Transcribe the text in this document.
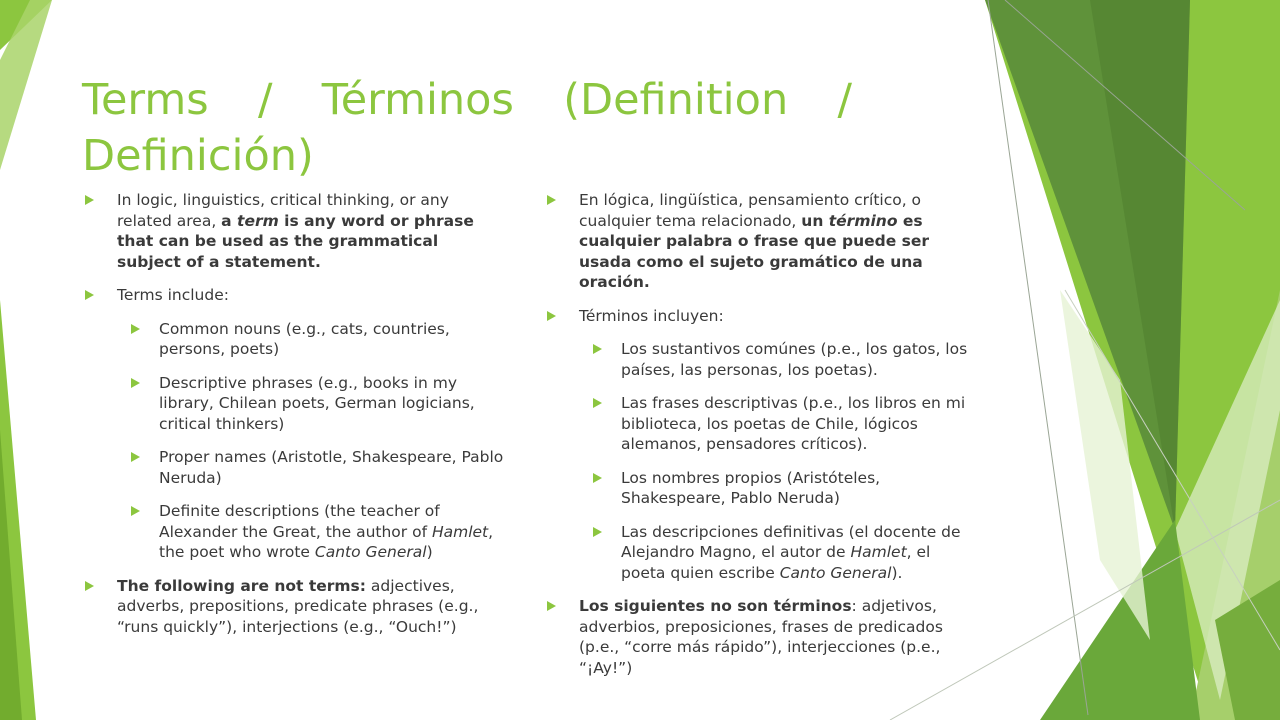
Terms / Términos (Definition / Definición)
In logic, linguistics, critical thinking, or any related area, a term is any word or phrase that can be used as the grammatical subject of a statement.
Terms include:
Common nouns (e.g., cats, countries, persons, poets)
Descriptive phrases (e.g., books in my library, Chilean poets, German logicians, critical thinkers)
Proper names (Aristotle, Shakespeare, Pablo Neruda)
Definite descriptions (the teacher of Alexander the Great, the author of Hamlet, the poet who wrote Canto General)
The following are not terms: adjectives, adverbs, prepositions, predicate phrases (e.g., “runs quickly”), interjections (e.g., “Ouch!”)
En lógica, lingüística, pensamiento crítico, o cualquier tema relacionado, un término es cualquier palabra o frase que puede ser usada como el sujeto gramático de una oración.
Términos incluyen:
Los sustantivos comúnes (p.e., los gatos, los países, las personas, los poetas).
Las frases descriptivas (p.e., los libros en mi biblioteca, los poetas de Chile, lógicos alemanos, pensadores críticos).
Los nombres propios (Aristóteles, Shakespeare, Pablo Neruda)
Las descripciones definitivas (el docente de Alejandro Magno, el autor de Hamlet, el poeta quien escribe Canto General).
Los siguientes no son términos: adjetivos, adverbios, preposiciones, frases de predicados (p.e., “corre más rápido”), interjecciones (p.e., “¡Ay!”)
